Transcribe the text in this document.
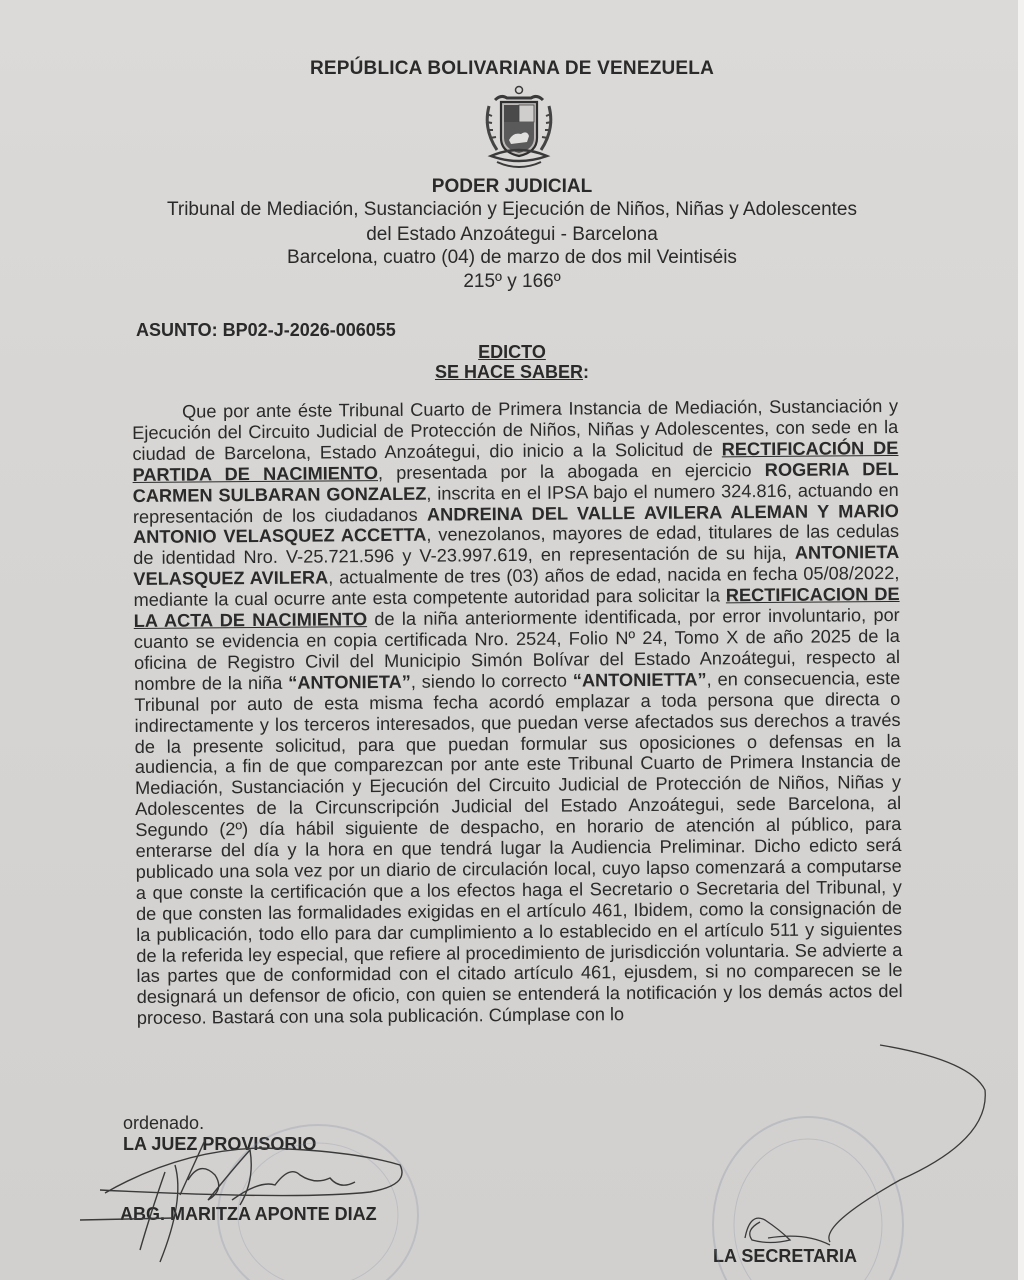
REPÚBLICA BOLIVARIANA DE VENEZUELA
PODER JUDICIAL
Tribunal de Mediación, Sustanciación y Ejecución de Niños, Niñas y Adolescentes
del Estado Anzoátegui - Barcelona
Barcelona, cuatro (04) de marzo de dos mil Veintiséis
215º y 166º
ASUNTO: BP02-J-2026-006055
EDICTO
SE HACE SABER:

Que por ante éste Tribunal Cuarto de Primera Instancia de Mediación, Sustanciación y Ejecución del Circuito Judicial de Protección de Niños, Niñas y Adolescentes, con sede en la ciudad de Barcelona, Estado Anzoátegui, dio inicio a la Solicitud de RECTIFICACIÓN DE PARTIDA DE NACIMIENTO, presentada por la abogada en ejercicio ROGERIA DEL CARMEN SULBARAN GONZALEZ, inscrita en el IPSA bajo el numero 324.816, actuando en representación de los ciudadanos ANDREINA DEL VALLE AVILERA ALEMAN Y MARIO ANTONIO VELASQUEZ ACCETTA, venezolanos, mayores de edad, titulares de las cedulas de identidad Nro. V-25.721.596 y V-23.997.619, en representación de su hija, ANTONIETA VELASQUEZ AVILERA, actualmente de tres (03) años de edad, nacida en fecha 05/08/2022, mediante la cual ocurre ante esta competente autoridad para solicitar la RECTIFICACION DE LA ACTA DE NACIMIENTO de la niña anteriormente identificada, por error involuntario, por cuanto se evidencia en copia certificada Nro. 2524, Folio Nº 24, Tomo X de año 2025 de la oficina de Registro Civil del Municipio Simón Bolívar del Estado Anzoátegui, respecto al nombre de la niña “ANTONIETA”, siendo lo correcto “ANTONIETTA”, en consecuencia, este Tribunal por auto de esta misma fecha acordó emplazar a toda persona que directa o indirectamente y los terceros interesados, que puedan verse afectados sus derechos a través de la presente solicitud, para que puedan formular sus oposiciones o defensas en la audiencia, a fin de que comparezcan por ante este Tribunal Cuarto de Primera Instancia de Mediación, Sustanciación y Ejecución del Circuito Judicial de Protección de Niños, Niñas y Adolescentes de la Circunscripción Judicial del Estado Anzoátegui, sede Barcelona, al Segundo (2º) día hábil siguiente de despacho, en horario de atención al público, para enterarse del día y la hora en que tendrá lugar la Audiencia Preliminar. Dicho edicto será publicado una sola vez por un diario de circulación local, cuyo lapso comenzará a computarse a que conste la certificación que a los efectos haga el Secretario o Secretaria del Tribunal, y de que consten las formalidades exigidas en el artículo 461, Ibidem, como la consignación de la publicación, todo ello para dar cumplimiento a lo establecido en el artículo 511 y siguientes de la referida ley especial, que refiere al procedimiento de jurisdicción voluntaria. Se advierte a las partes que de conformidad con el citado artículo 461, ejusdem, si no comparecen se le designará un defensor de oficio, con quien se entenderá la notificación y los demás actos del proceso. Bastará con una sola publicación. Cúmplase con lo

ordenado.
LA JUEZ PROVISORIO
ABG. MARITZA APONTE DIAZ
LA SECRETARIA
